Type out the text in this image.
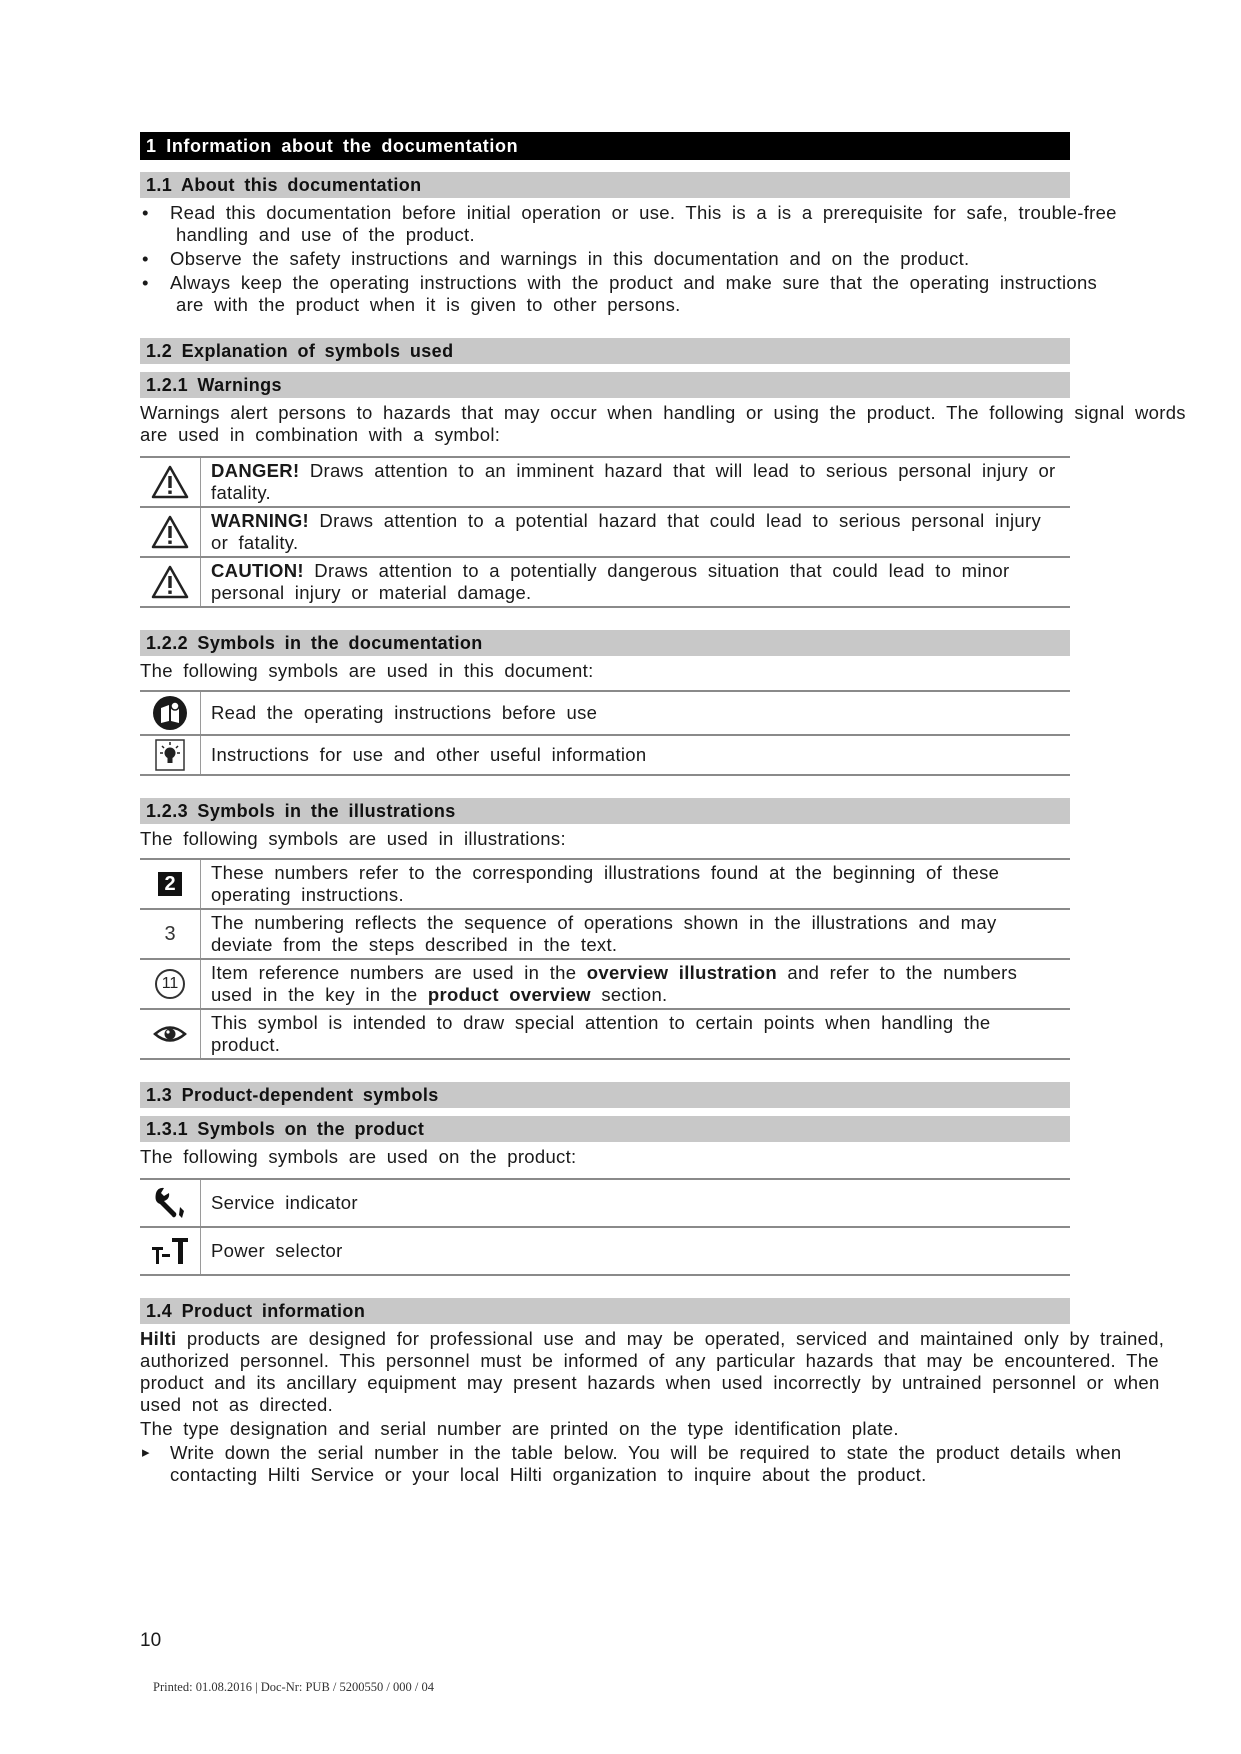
1 Information about the documentation
1.1 About this documentation
• Read this documentation before initial operation or use. This is a is a prerequisite for safe, trouble-free
handling and use of the product.
• Observe the safety instructions and warnings in this documentation and on the product.
• Always keep the operating instructions with the product and make sure that the operating instructions
are with the product when it is given to other persons.
1.2 Explanation of symbols used
1.2.1 Warnings
Warnings alert persons to hazards that may occur when handling or using the product. The following signal words are used in combination with a symbol:
	DANGER! Draws attention to an imminent hazard that will lead to serious personal injury or fatality.

	WARNING! Draws attention to a potential hazard that could lead to serious personal injury or fatality.

	CAUTION! Draws attention to a potentially dangerous situation that could lead to minor personal injury or material damage.
1.2.2 Symbols in the documentation
The following symbols are used in this document:
	Read the operating instructions before use

	Instructions for use and other useful information
1.2.3 Symbols in the illustrations
The following symbols are used in illustrations:
2	These numbers refer to the corresponding illustrations found at the beginning of these operating instructions.

3	The numbering reflects the sequence of operations shown in the illustrations and may deviate from the steps described in the text.

11	Item reference numbers are used in the overview illustration and refer to the numbers used in the key in the product overview section.

	This symbol is intended to draw special attention to certain points when handling the product.
1.3 Product-dependent symbols
1.3.1 Symbols on the product
The following symbols are used on the product:
	Service indicator

	Power selector
1.4 Product information
Hilti products are designed for professional use and may be operated, serviced and maintained only by trained, authorized personnel. This personnel must be informed of any particular hazards that may be encountered. The product and its ancillary equipment may present hazards when used incorrectly by untrained personnel or when used not as directed.
The type designation and serial number are printed on the type identification plate.
▸ Write down the serial number in the table below. You will be required to state the product details when contacting Hilti Service or your local Hilti organization to inquire about the product.
10
Printed: 01.08.2016 | Doc-Nr: PUB / 5200550 / 000 / 04
